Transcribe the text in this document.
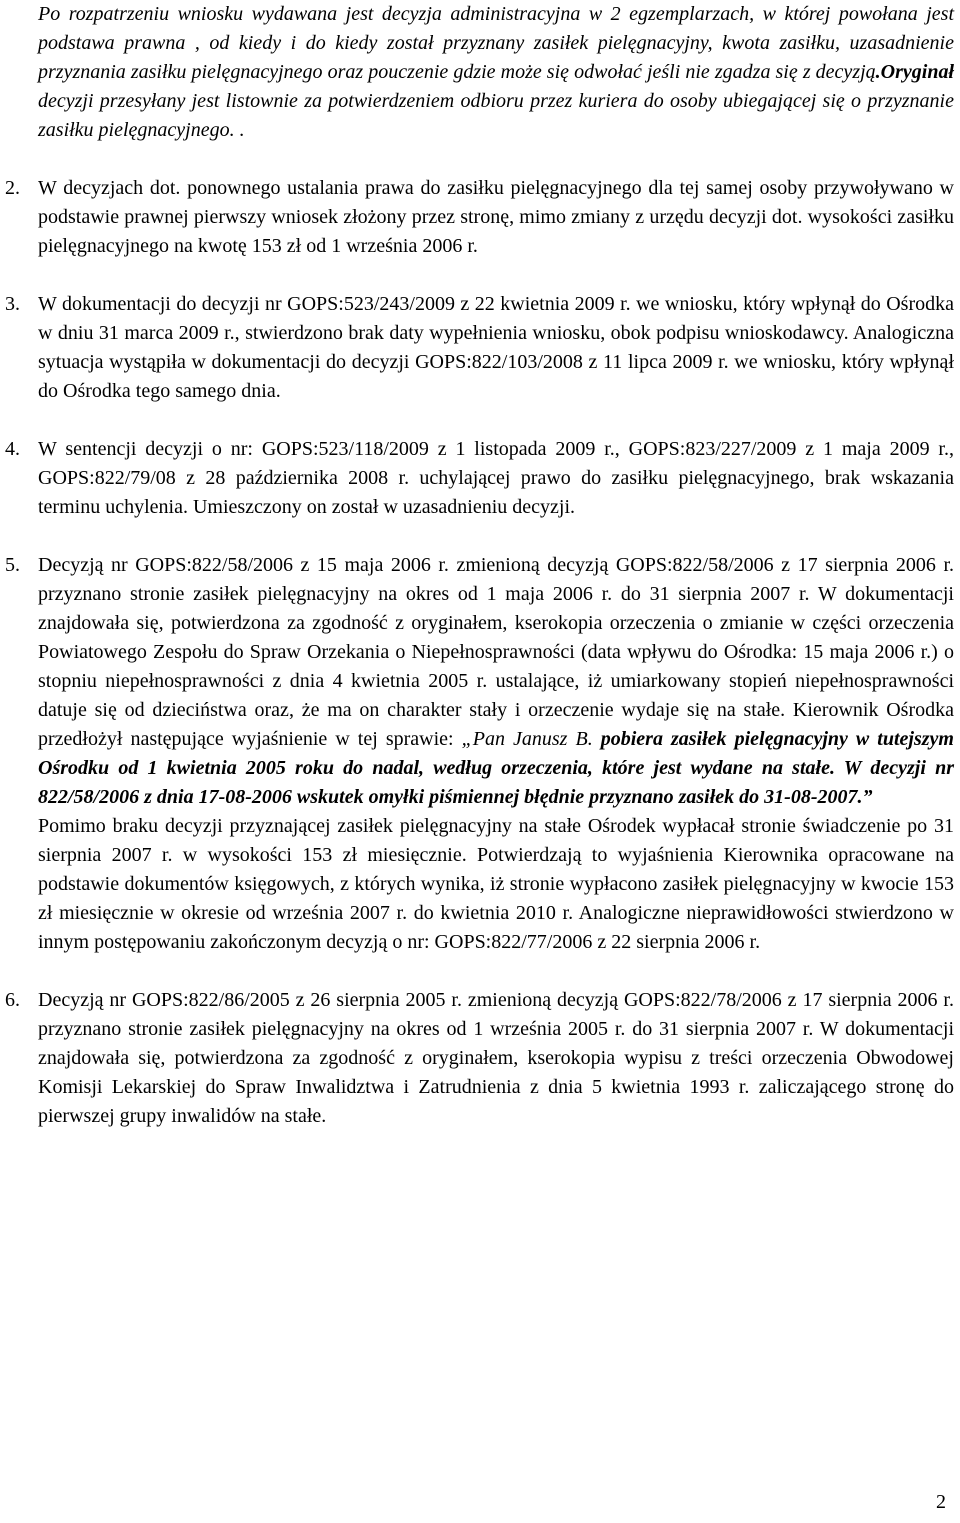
Po rozpatrzeniu wniosku wydawana jest decyzja administracyjna w 2 egzemplarzach, w której powołana jest podstawa prawna , od kiedy i do kiedy został przyznany zasiłek pielęgnacyjny, kwota zasiłku, uzasadnienie przyznania zasiłku pielęgnacyjnego oraz pouczenie gdzie może się odwołać jeśli nie zgadza się z decyzją.Oryginał decyzji przesyłany jest listownie za potwierdzeniem odbioru przez kuriera do osoby ubiegającej się o przyznanie zasiłku pielęgnacyjnego. .

2. W decyzjach dot. ponownego ustalania prawa do zasiłku pielęgnacyjnego dla tej samej osoby przywoływano w podstawie prawnej pierwszy wniosek złożony przez stronę, mimo zmiany z urzędu decyzji dot. wysokości zasiłku pielęgnacyjnego na kwotę 153 zł od 1 września 2006 r.

3. W dokumentacji do decyzji nr GOPS:523/243/2009 z 22 kwietnia 2009 r. we wniosku, który wpłynął do Ośrodka w dniu 31 marca 2009 r., stwierdzono brak daty wypełnienia wniosku, obok podpisu wnioskodawcy. Analogiczna sytuacja wystąpiła w dokumentacji do decyzji GOPS:822/103/2008 z 11 lipca 2009 r. we wniosku, który wpłynął do Ośrodka tego samego dnia.

4. W sentencji decyzji o nr: GOPS:523/118/2009 z 1 listopada 2009 r., GOPS:823/227/2009 z 1 maja 2009 r., GOPS:822/79/08 z 28 października 2008 r. uchylającej prawo do zasiłku pielęgnacyjnego, brak wskazania terminu uchylenia. Umieszczony on został w uzasadnieniu decyzji.

5. Decyzją nr GOPS:822/58/2006 z 15 maja 2006 r. zmienioną decyzją GOPS:822/58/2006 z 17 sierpnia 2006 r. przyznano stronie zasiłek pielęgnacyjny na okres od 1 maja 2006 r. do 31 sierpnia 2007 r. W dokumentacji znajdowała się, potwierdzona za zgodność z oryginałem, kserokopia orzeczenia o zmianie w części orzeczenia Powiatowego Zespołu do Spraw Orzekania o Niepełnosprawności (data wpływu do Ośrodka: 15 maja 2006 r.) o stopniu niepełnosprawności z dnia 4 kwietnia 2005 r. ustalające, iż umiarkowany stopień niepełnosprawności datuje się od dzieciństwa oraz, że ma on charakter stały i orzeczenie wydaje się na stałe. Kierownik Ośrodka przedłożył następujące wyjaśnienie w tej sprawie: „Pan Janusz B. pobiera zasiłek pielęgnacyjny w tutejszym Ośrodku od 1 kwietnia 2005 roku do nadal, według orzeczenia, które jest wydane na stałe. W decyzji nr 822/58/2006 z dnia 17-08-2006 wskutek omyłki piśmiennej błędnie przyznano zasiłek do 31-08-2007.”

Pomimo braku decyzji przyznającej zasiłek pielęgnacyjny na stałe Ośrodek wypłacał stronie świadczenie po 31 sierpnia 2007 r. w wysokości 153 zł miesięcznie. Potwierdzają to wyjaśnienia Kierownika opracowane na podstawie dokumentów księgowych, z których wynika, iż stronie wypłacono zasiłek pielęgnacyjny w kwocie 153 zł miesięcznie w okresie od września 2007 r. do kwietnia 2010 r. Analogiczne nieprawidłowości stwierdzono w innym postępowaniu zakończonym decyzją o nr: GOPS:822/77/2006 z 22 sierpnia 2006 r.

6. Decyzją nr GOPS:822/86/2005 z 26 sierpnia 2005 r. zmienioną decyzją GOPS:822/78/2006 z 17 sierpnia 2006 r. przyznano stronie zasiłek pielęgnacyjny na okres od 1 września 2005 r. do 31 sierpnia 2007 r. W dokumentacji znajdowała się, potwierdzona za zgodność z oryginałem, kserokopia wypisu z treści orzeczenia Obwodowej Komisji Lekarskiej do Spraw Inwalidztwa i Zatrudnienia z dnia 5 kwietnia 1993 r. zaliczającego stronę do pierwszej grupy inwalidów na stałe.

2
